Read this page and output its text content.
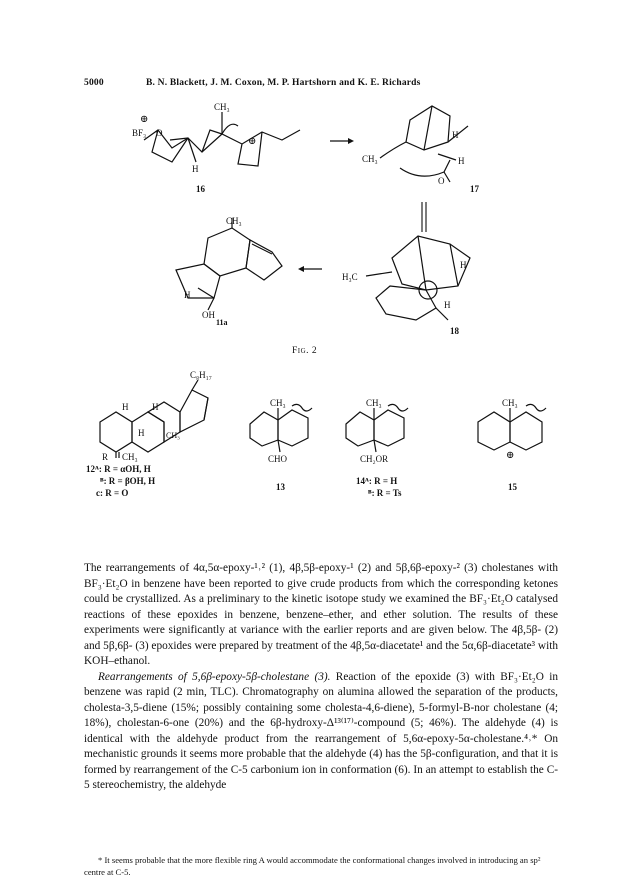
5000	B. N. Blackett, J. M. Coxon, M. P. Hartshorn and K. E. Richards
⊕
BF₃ O
CH₃
⊕
H
16
CH₃
H
H
O
17
H₃C
H
H
18
CH₃
H
OH
11a
Fig. 2
C₈H₁₇
H	H
H	CH₃
R CH₃
12ᴬ: R = αOH, H
ᴮ: R = βOH, H
c: R = O
CH₃
CHO
13
CH₃
CH₂OR
14ᴬ: R = H
ᴮ: R = Ts
CH₃
⊕
15

The rearrangements of 4α,5α-epoxy-¹˒² (1), 4β,5β-epoxy-¹ (2) and 5β,6β-epoxy-² (3) cholestanes with BF₃·Et₂O in benzene have been reported to give crude products from which the corresponding ketones could be crystallized. As a preliminary to the kinetic isotope study we examined the BF₃·Et₂O catalysed reactions of these epoxides in benzene, benzene–ether, and ether solution. The results of these experiments were significantly at variance with the earlier reports and are given below. The 4β,5β- (2) and 5β,6β- (3) epoxides were prepared by treatment of the 4β,5α-diacetate¹ and the 5α,6β-diacetate³ with KOH–ethanol.

Rearrangements of 5,6β-epoxy-5β-cholestane (3). Reaction of the epoxide (3) with BF₃·Et₂O in benzene was rapid (2 min, TLC). Chromatography on alumina allowed the separation of the products, cholesta-3,5-diene (15%; possibly containing some cholesta-4,6-diene), 5-formyl-B-nor cholestane (4; 18%), cholestan-6-one (20%) and the 6β-hydroxy-Δ¹³⁽¹⁷⁾-compound (5; 46%). The aldehyde (4) is identical with the aldehyde product from the rearrangement of 5,6α-epoxy-5α-cholestane.⁴˒* On mechanistic grounds it seems more probable that the aldehyde (4) has the 5β-configuration, and that it is formed by rearrangement of the C-5 carbonium ion in conformation (6). In an attempt to establish the C-5 stereochemistry, the aldehyde

* It seems probable that the more flexible ring A would accommodate the conformational changes involved in introducing an sp² centre at C-5.
